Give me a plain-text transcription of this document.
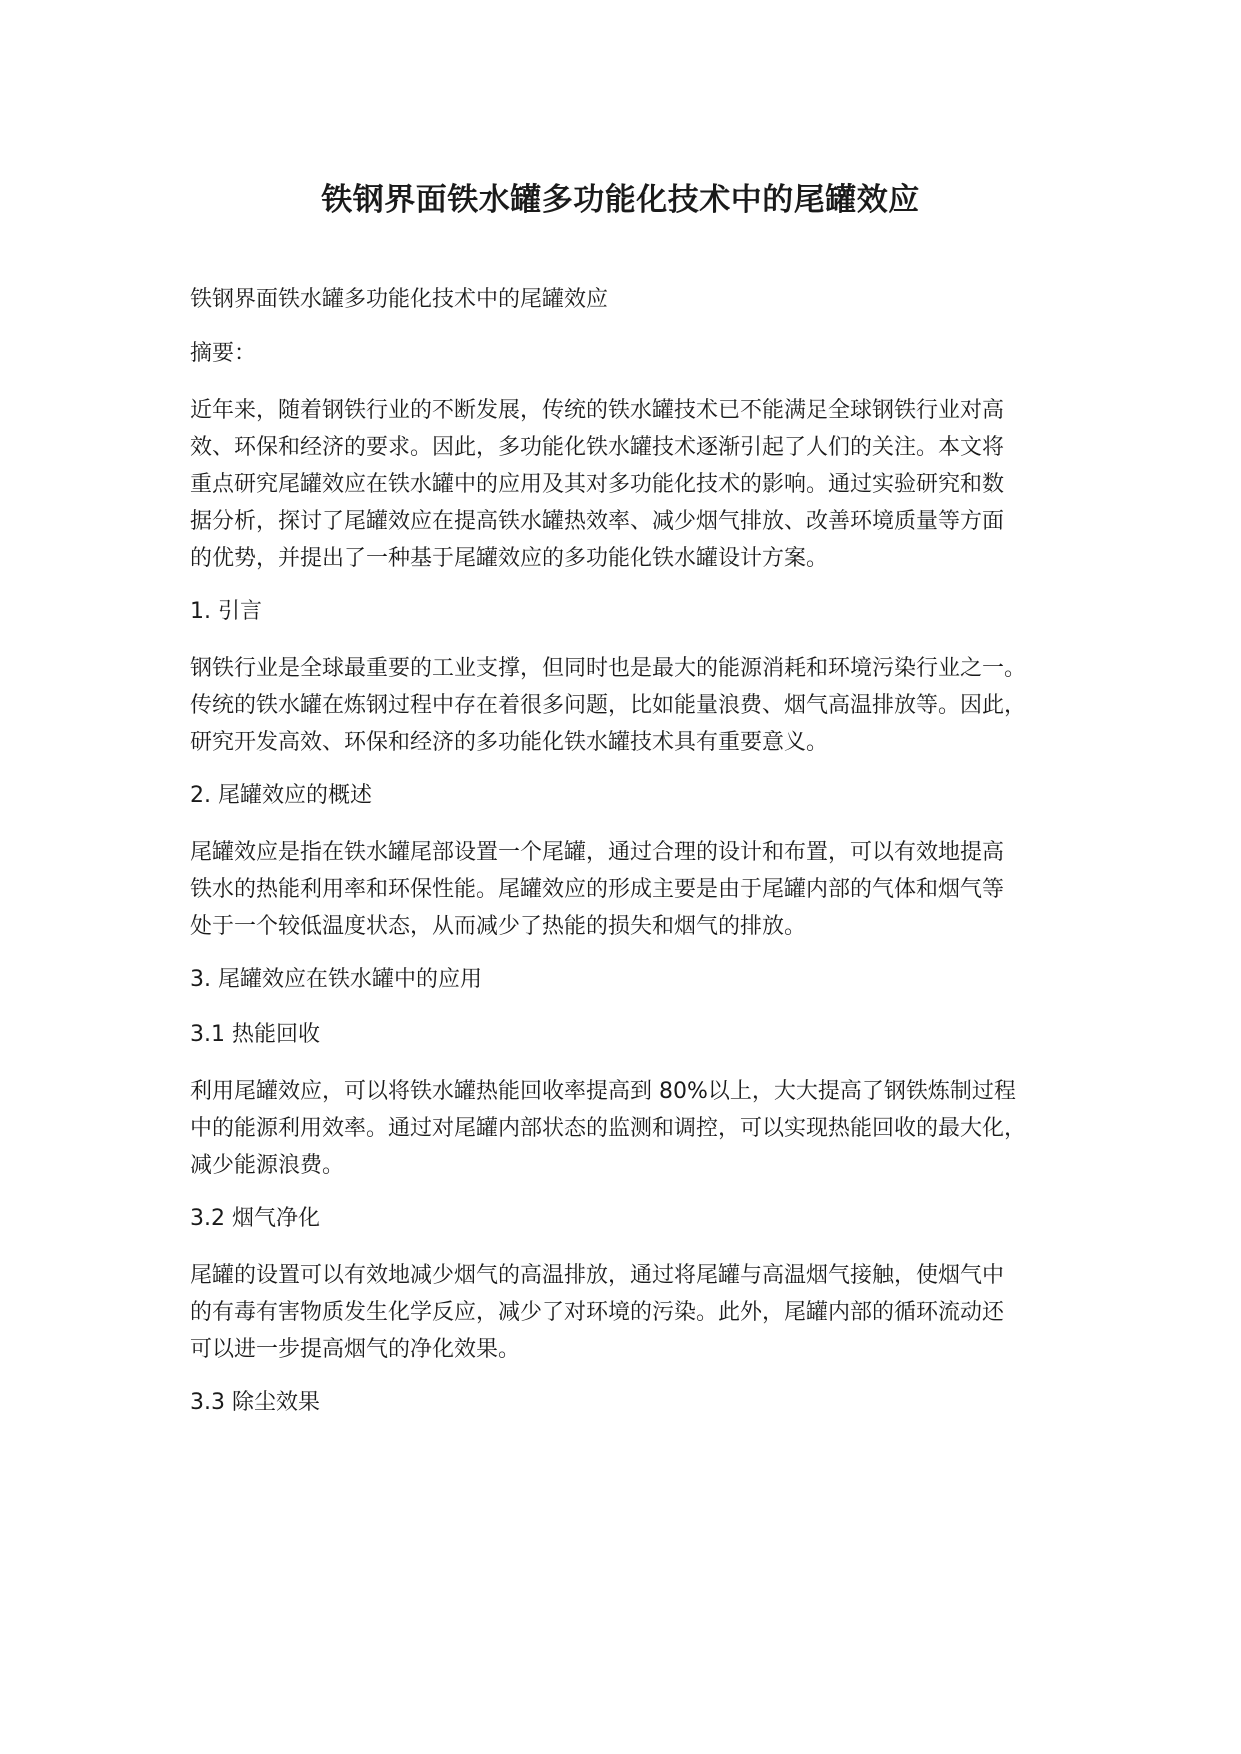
铁钢界面铁水罐多功能化技术中的尾罐效应

铁钢界面铁水罐多功能化技术中的尾罐效应

摘要：

近年来，随着钢铁行业的不断发展，传统的铁水罐技术已不能满足全球钢铁行业对高
效、环保和经济的要求。因此，多功能化铁水罐技术逐渐引起了人们的关注。本文将
重点研究尾罐效应在铁水罐中的应用及其对多功能化技术的影响。通过实验研究和数
据分析，探讨了尾罐效应在提高铁水罐热效率、减少烟气排放、改善环境质量等方面
的优势，并提出了一种基于尾罐效应的多功能化铁水罐设计方案。

1. 引言

钢铁行业是全球最重要的工业支撑，但同时也是最大的能源消耗和环境污染行业之一。
传统的铁水罐在炼钢过程中存在着很多问题，比如能量浪费、烟气高温排放等。因此，
研究开发高效、环保和经济的多功能化铁水罐技术具有重要意义。

2. 尾罐效应的概述

尾罐效应是指在铁水罐尾部设置一个尾罐，通过合理的设计和布置，可以有效地提高
铁水的热能利用率和环保性能。尾罐效应的形成主要是由于尾罐内部的气体和烟气等
处于一个较低温度状态，从而减少了热能的损失和烟气的排放。

3. 尾罐效应在铁水罐中的应用

3.1 热能回收

利用尾罐效应，可以将铁水罐热能回收率提高到 80%以上，大大提高了钢铁炼制过程
中的能源利用效率。通过对尾罐内部状态的监测和调控，可以实现热能回收的最大化，
减少能源浪费。

3.2 烟气净化

尾罐的设置可以有效地减少烟气的高温排放，通过将尾罐与高温烟气接触，使烟气中
的有毒有害物质发生化学反应，减少了对环境的污染。此外，尾罐内部的循环流动还
可以进一步提高烟气的净化效果。

3.3 除尘效果
